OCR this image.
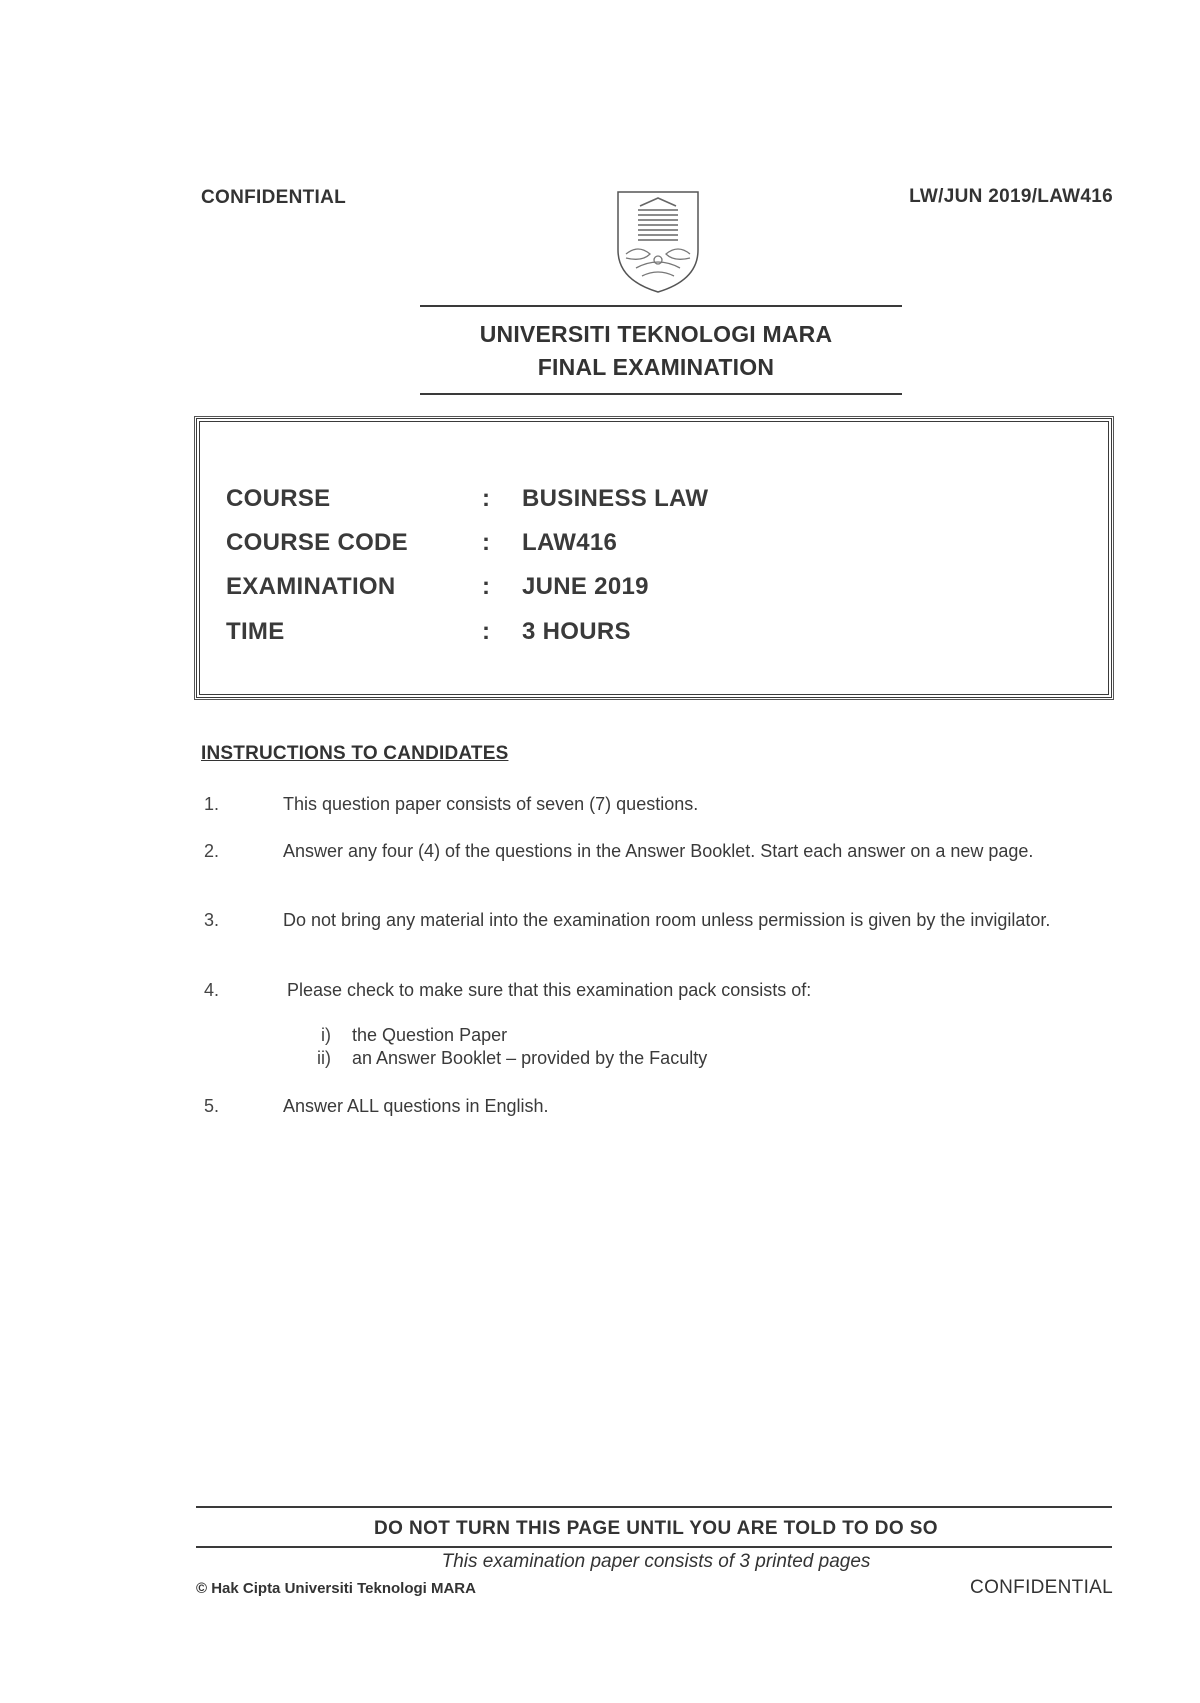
CONFIDENTIAL	LW/JUN 2019/LAW416
UNIVERSITI TEKNOLOGI MARA
FINAL EXAMINATION
COURSE	: BUSINESS LAW
COURSE CODE	: LAW416
EXAMINATION	: JUNE 2019
TIME	: 3 HOURS
INSTRUCTIONS TO CANDIDATES
1.	This question paper consists of seven (7) questions.
2.	Answer any four (4) of the questions in the Answer Booklet. Start each answer on a new page.
3.	Do not bring any material into the examination room unless permission is given by the invigilator.
4.	Please check to make sure that this examination pack consists of:
i) the Question Paper
ii) an Answer Booklet – provided by the Faculty
5.	Answer ALL questions in English.
DO NOT TURN THIS PAGE UNTIL YOU ARE TOLD TO DO SO
This examination paper consists of 3 printed pages
© Hak Cipta Universiti Teknologi MARA	CONFIDENTIAL
